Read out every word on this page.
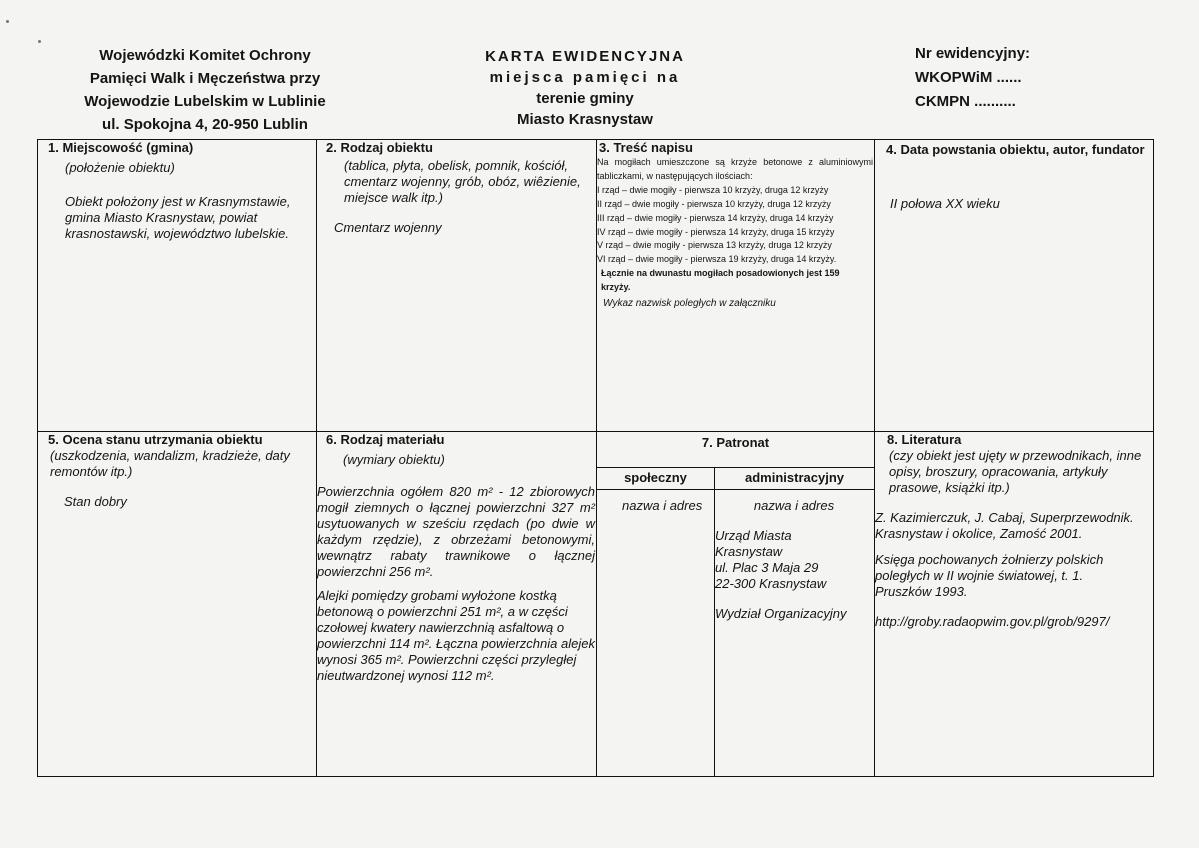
Wojewódzki Komitet Ochrony
Pamięci Walk i Męczeństwa przy
Wojewodzie Lubelskim w Lublinie
ul. Spokojna 4, 20-950 Lublin
KARTA EWIDENCYJNA
miejsca pamięci na
terenie gminy
Miasto Krasnystaw
Nr ewidencyjny:
WKOPWiM ......
CKMPN ..........
1. Miejscowość (gmina)
(położenie obiektu)
Obiekt położony jest w Krasnymstawie, gmina Miasto Krasnystaw, powiat krasnostawski, województwo lubelskie.
2. Rodzaj obiektu
(tablica, płyta, obelisk, pomnik, kościół, cmentarz wojenny, grób, obóz, wiêzienie, miejsce walk itp.)
Cmentarz wojenny
3. Treść napisu
Na mogiłach umieszczone są krzyże betonowe z aluminiowymi tabliczkami, w następujących ilościach:
I rząd – dwie mogiły - pierwsza 10 krzyży, druga 12 krzyży
II rząd – dwie mogiły - pierwsza 10 krzyży, druga 12 krzyży
III rząd – dwie mogiły - pierwsza 14 krzyży, druga 14 krzyży
IV rząd – dwie mogiły - pierwsza 14 krzyży, druga 15 krzyży
V rząd – dwie mogiły - pierwsza 13 krzyży, druga 12 krzyży
VI rząd – dwie mogiły - pierwsza 19 krzyży, druga 14 krzyży.
Łącznie na dwunastu mogiłach posadowionych jest 159 krzyży.
Wykaz nazwisk poległych w załączniku
4. Data powstania obiektu, autor, fundator
II połowa XX wieku
5. Ocena stanu utrzymania obiektu
(uszkodzenia, wandalizm, kradzieże, daty remontów itp.)
Stan dobry
6. Rodzaj materiału
(wymiary obiektu)
Powierzchnia ogółem 820 m² - 12 zbiorowych mogił ziemnych o łącznej powierzchni 327 m² usytuowanych w sześciu rzędach (po dwie w każdym rzędzie), z obrzeżami betonowymi, wewnątrz rabaty trawnikowe o łącznej powierzchni 256 m².
Alejki pomiędzy grobami wyłożone kostką betonową o powierzchni 251 m², a w części czołowej kwatery nawierzchnią asfaltową o powierzchni 114 m². Łączna powierzchnia alejek wynosi 365 m². Powierzchni części przyległej nieutwardzonej wynosi 112 m².
7. Patronat
społeczny	administracyjny
nazwa i adres	nazwa i adres
Urząd Miasta
Krasnystaw
ul. Plac 3 Maja 29
22-300 Krasnystaw
Wydział Organizacyjny
8. Literatura
(czy obiekt jest ujęty w przewodnikach, inne opisy, broszury, opracowania, artykuły prasowe, książki itp.)
Z. Kazimierczuk, J. Cabaj, Superprzewodnik. Krasnystaw i okolice, Zamość 2001.
Księga pochowanych żołnierzy polskich poległych w II wojnie światowej, t. 1. Pruszków 1993.
http://groby.radaopwim.gov.pl/grob/9297/
